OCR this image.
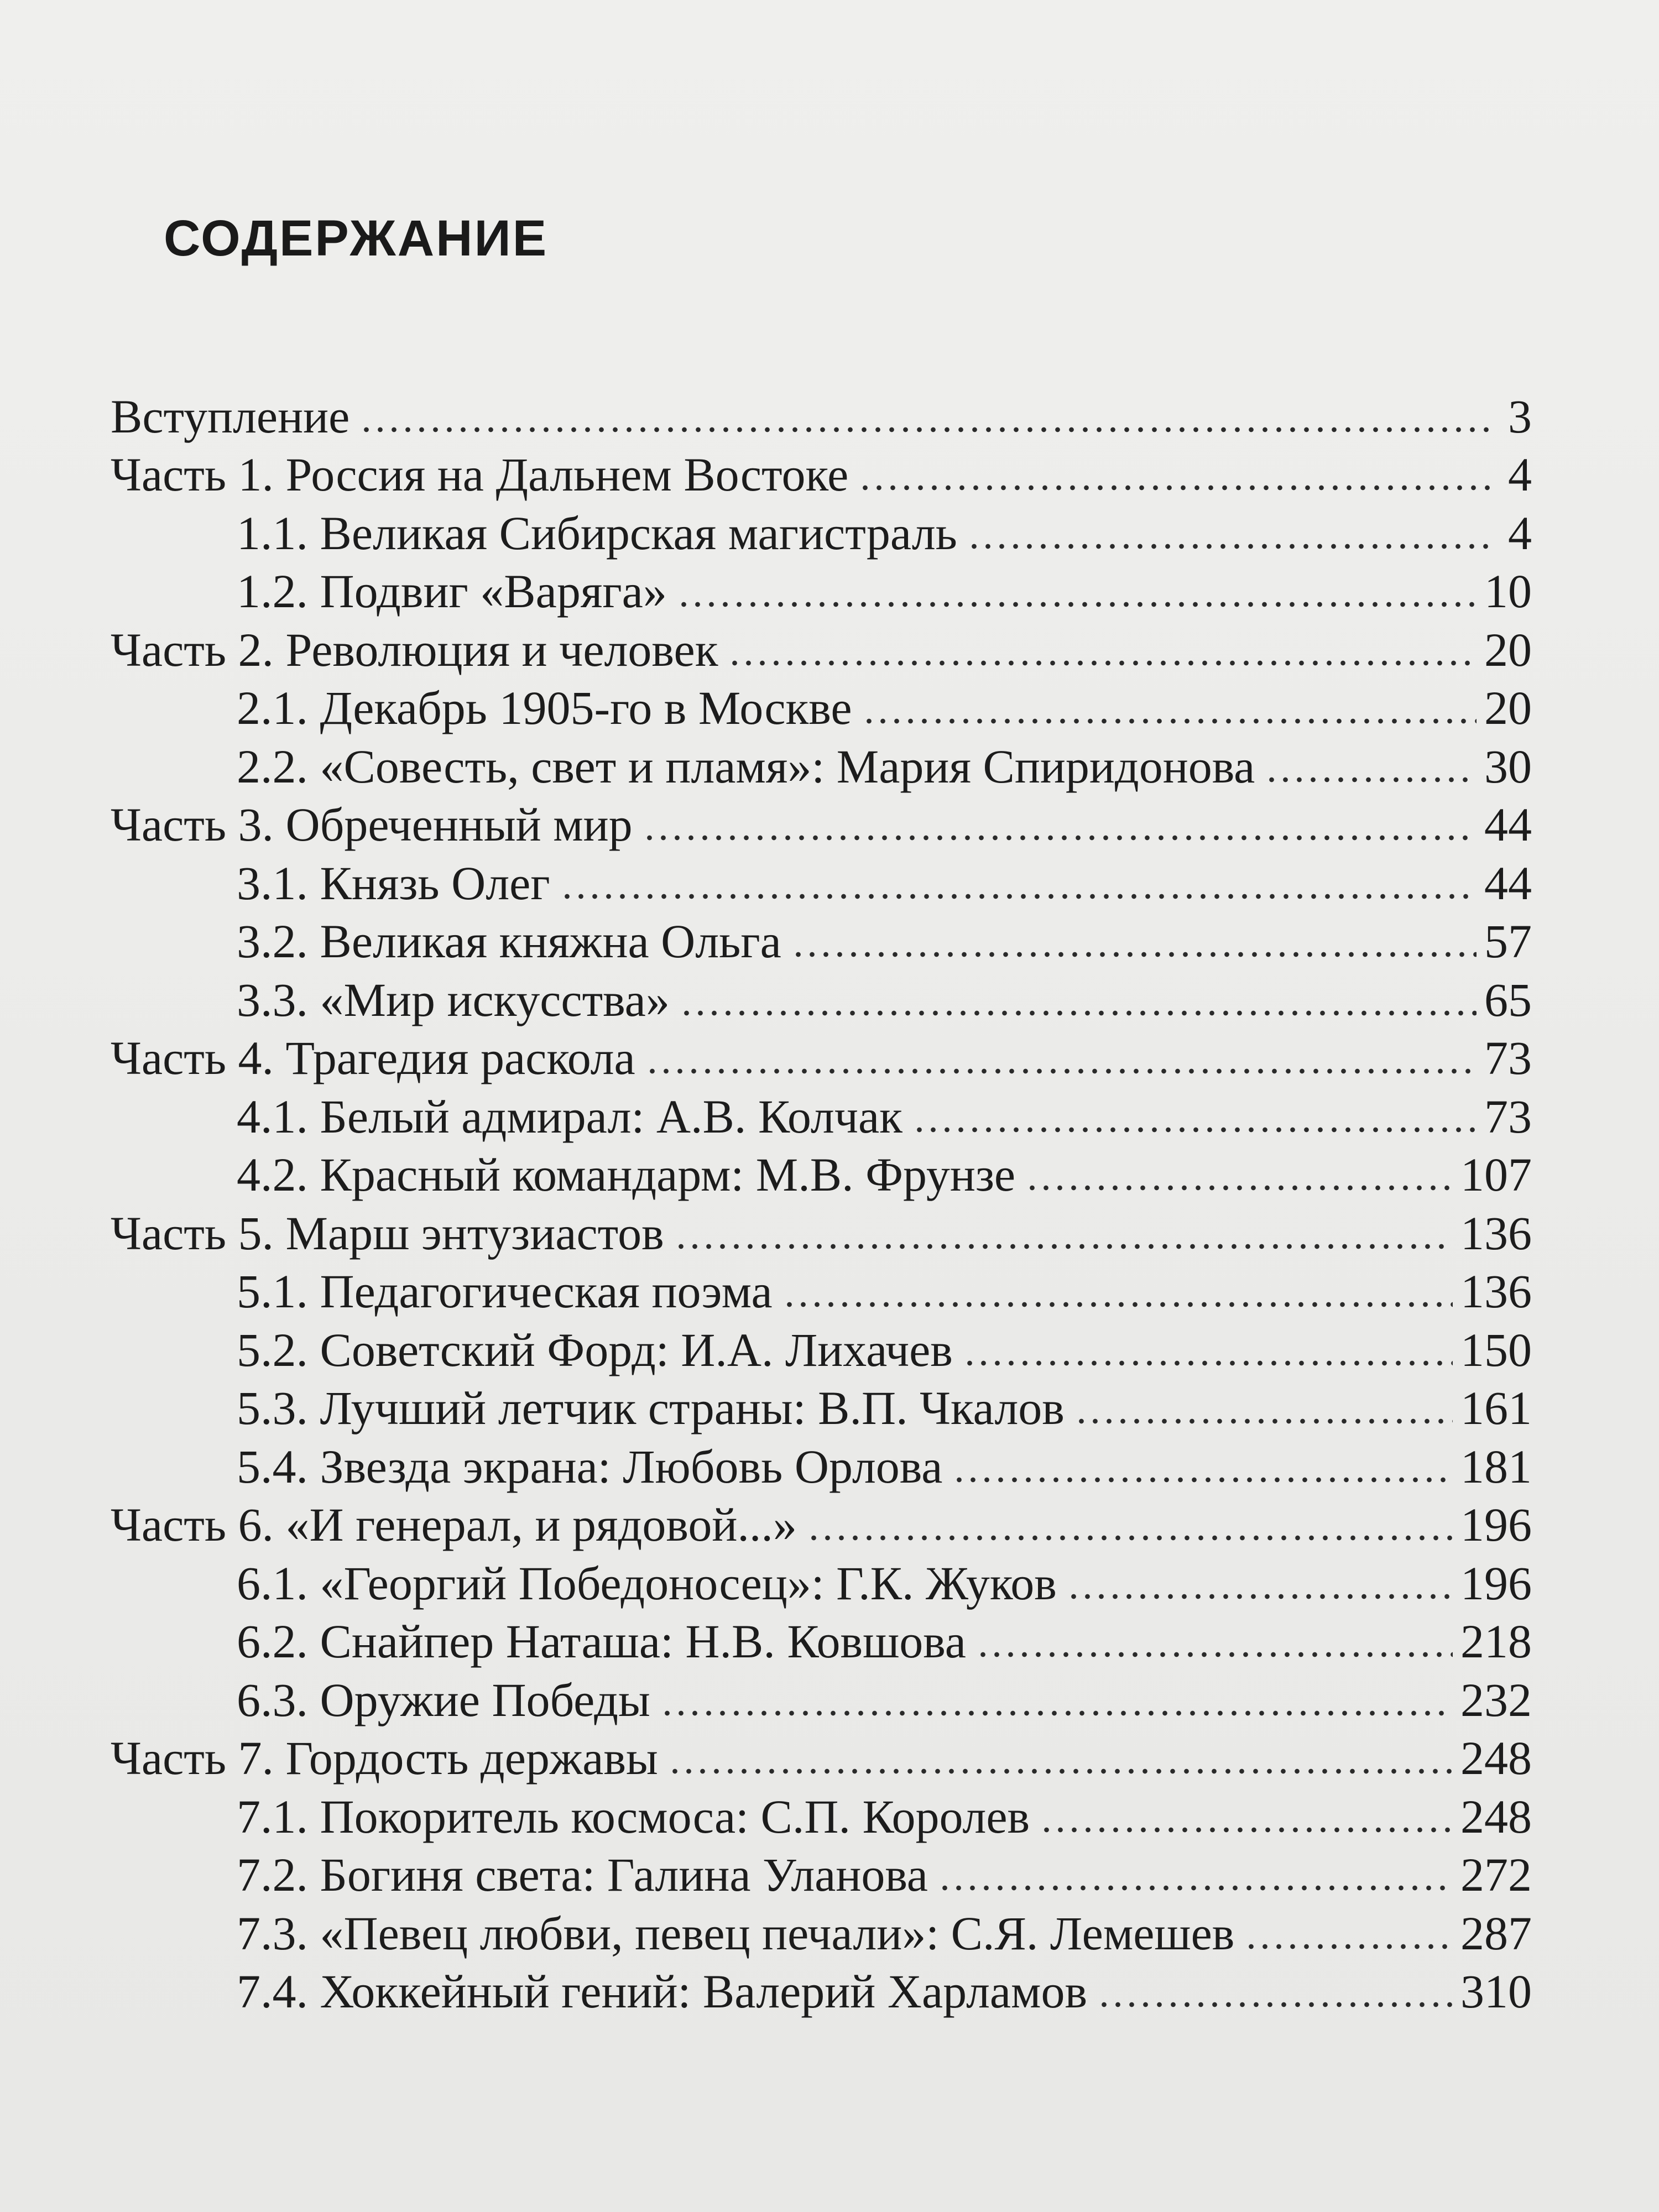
СОДЕРЖАНИЕ
Вступление	3
Часть 1. Россия на Дальнем Востоке	4
1.1. Великая Сибирская магистраль	4
1.2. Подвиг «Варяга»	10
Часть 2. Революция и человек	20
2.1. Декабрь 1905-го в Москве	20
2.2. «Совесть, свет и пламя»: Мария Спиридонова	30
Часть 3. Обреченный мир	44
3.1. Князь Олег	44
3.2. Великая княжна Ольга	57
3.3. «Мир искусства»	65
Часть 4. Трагедия раскола	73
4.1. Белый адмирал: А.В. Колчак	73
4.2. Красный командарм: М.В. Фрунзе	107
Часть 5. Марш энтузиастов	136
5.1. Педагогическая поэма	136
5.2. Советский Форд: И.А. Лихачев	150
5.3. Лучший летчик страны: В.П. Чкалов	161
5.4. Звезда экрана: Любовь Орлова	181
Часть 6. «И генерал, и рядовой...»	196
6.1. «Георгий Победоносец»: Г.К. Жуков	196
6.2. Снайпер Наташа: Н.В. Ковшова	218
6.3. Оружие Победы	232
Часть 7. Гордость державы	248
7.1. Покоритель космоса: С.П. Королев	248
7.2. Богиня света: Галина Уланова	272
7.3. «Певец любви, певец печали»: С.Я. Лемешев	287
7.4. Хоккейный гений: Валерий Харламов	310
